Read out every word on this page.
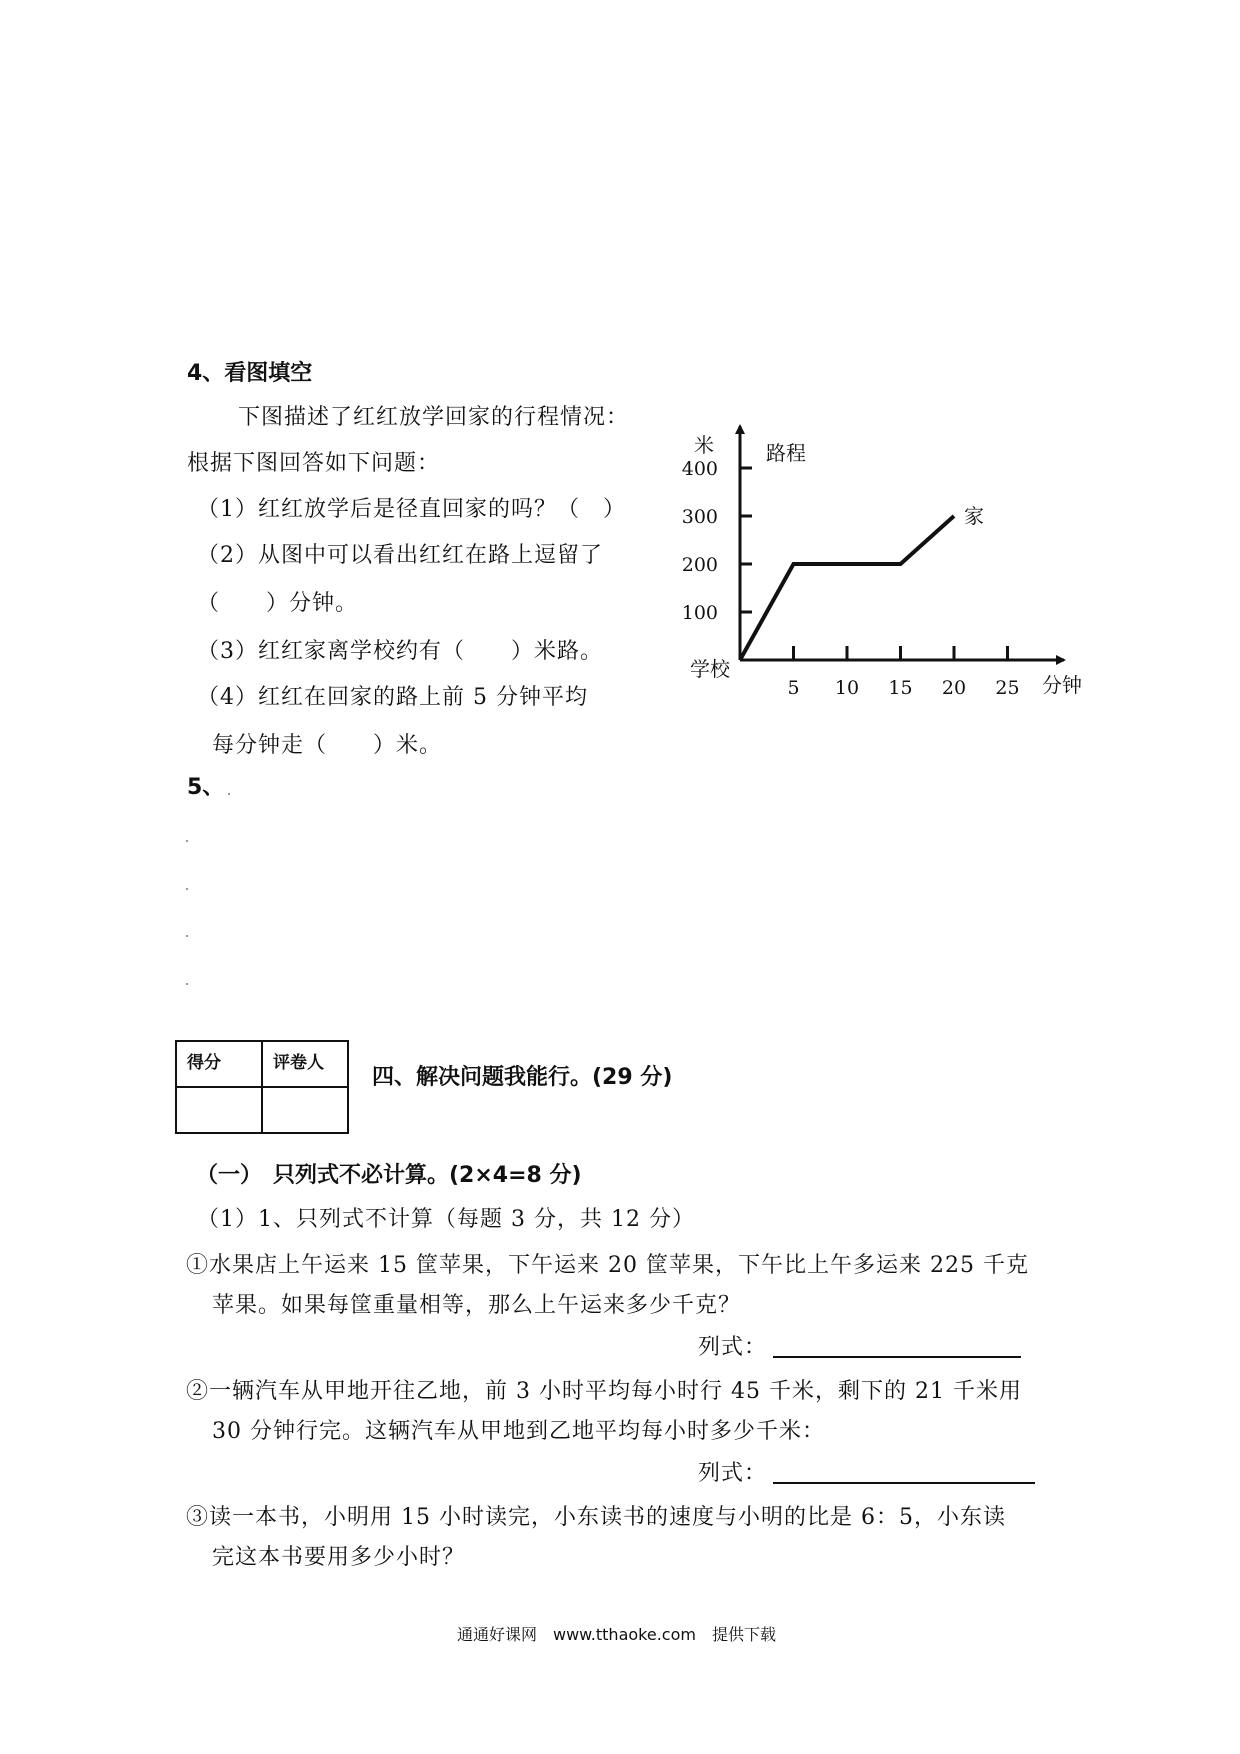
4、看图填空
下图描述了红红放学回家的行程情况：
根据下图回答如下问题：
（1）红红放学后是径直回家的吗？（　）
（2）从图中可以看出红红在路上逗留了
（　　）分钟。
（3）红红家离学校约有（　　）米路。
（4）红红在回家的路上前 5 分钟平均
每分钟走（　　）米。
5 10 15 20 25
100
200
300
400
米	路程
学校
分钟
家
5、
得分	评卷人

四、解决问题我能行。(29 分)
（一）　只列式不必计算。(2×4=8 分)
（1）1、只列式不计算（每题 3 分，共 12 分）
①水果店上午运来 15 筐苹果，下午运来 20 筐苹果，下午比上午多运来 225 千克
苹果。如果每筐重量相等，那么上午运来多少千克？
列式：
②一辆汽车从甲地开往乙地，前 3 小时平均每小时行 45 千米，剩下的 21 千米用
30 分钟行完。这辆汽车从甲地到乙地平均每小时多少千米：
列式：
③读一本书，小明用 15 小时读完，小东读书的速度与小明的比是 6：5，小东读
完这本书要用多少小时？
通通好课网　www.tthaoke.com　提供下载
